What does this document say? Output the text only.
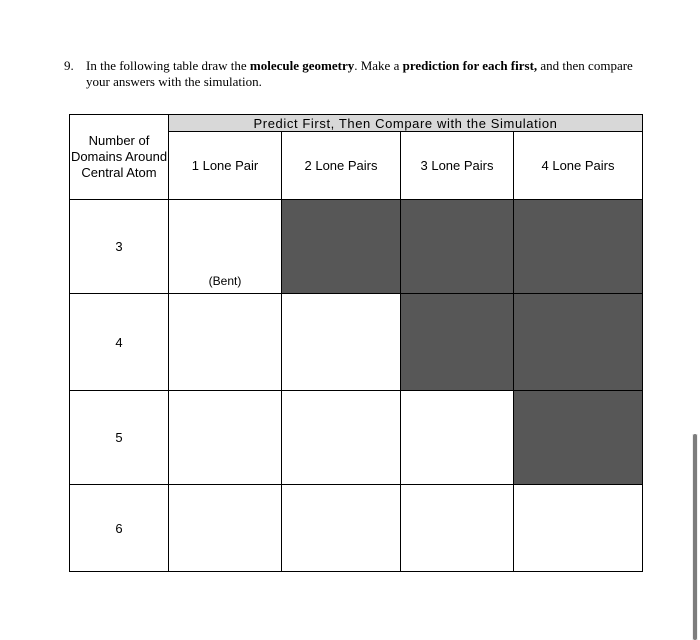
9. In the following table draw the molecule geometry. Make a prediction for each first, and then compare your answers with the simulation.
Number of Domains Around Central Atom	Predict First, Then Compare with the Simulation			
	1 Lone Pair	2 Lone Pairs	3 Lone Pairs	4 Lone Pairs
3	(Bent)			

4				
5				
6				
